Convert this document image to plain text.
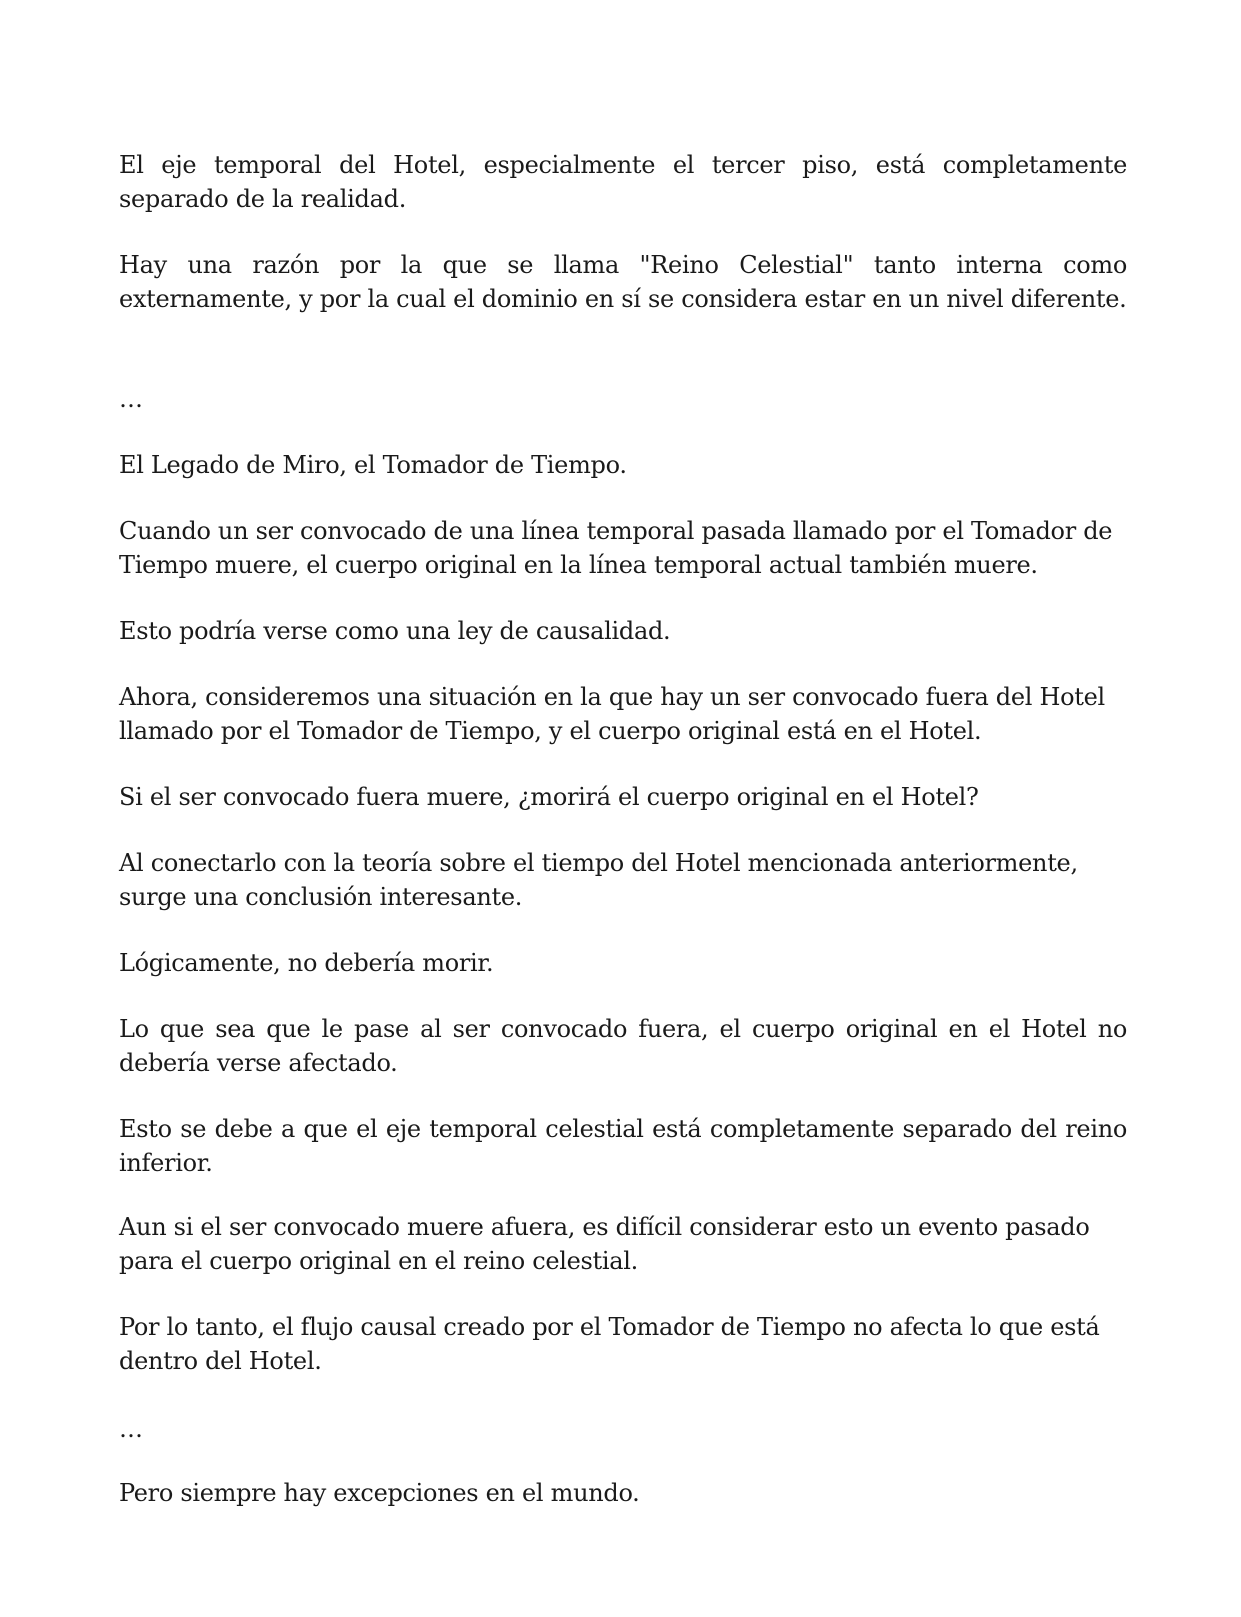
El eje temporal del Hotel, especialmente el tercer piso, está completamente separado de la realidad.

Hay una razón por la que se llama "Reino Celestial" tanto interna como externamente, y por la cual el dominio en sí se considera estar en un nivel diferente.

…

El Legado de Miro, el Tomador de Tiempo.

Cuando un ser convocado de una línea temporal pasada llamado por el Tomador de Tiempo muere, el cuerpo original en la línea temporal actual también muere.

Esto podría verse como una ley de causalidad.

Ahora, consideremos una situación en la que hay un ser convocado fuera del Hotel llamado por el Tomador de Tiempo, y el cuerpo original está en el Hotel.

Si el ser convocado fuera muere, ¿morirá el cuerpo original en el Hotel?

Al conectarlo con la teoría sobre el tiempo del Hotel mencionada anteriormente, surge una conclusión interesante.

Lógicamente, no debería morir.

Lo que sea que le pase al ser convocado fuera, el cuerpo original en el Hotel no debería verse afectado.

Esto se debe a que el eje temporal celestial está completamente separado del reino inferior.

Aun si el ser convocado muere afuera, es difícil considerar esto un evento pasado para el cuerpo original en el reino celestial.

Por lo tanto, el flujo causal creado por el Tomador de Tiempo no afecta lo que está dentro del Hotel.

…

Pero siempre hay excepciones en el mundo.
